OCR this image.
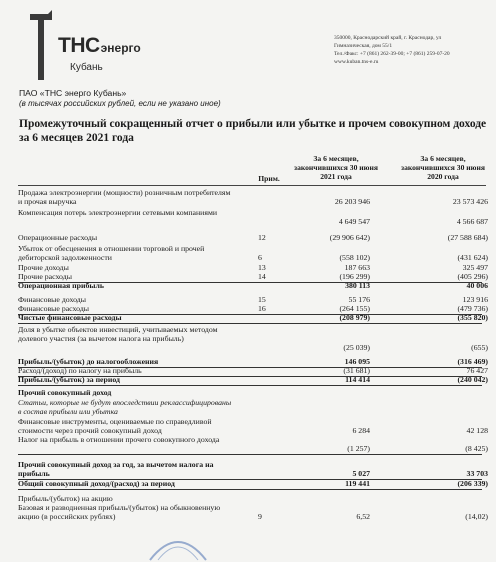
ТНСэнерго
Кубань
350000, Краснодарский край, г. Краснодар, ул
Гимназическая, дом 55/1
Тел./Факс: +7 (861) 262-39-00; +7 (861) 259-07-20
www.kuban.tns-e.ru
ПАО «ТНС энерго Кубань»
(в тысячах российских рублей, если не указано иное)
Промежуточный сокращенный отчет о прибыли или убытке и прочем совокупном доходе за 6 месяцев 2021 года
Прим.
За 6 месяцев, закончившихся 30 июня 2021 года
За 6 месяцев, закончившихся 30 июня 2020 года
Продажа электроэнергии (мощности) розничным потребителям и прочая выручка	26 203 946	23 573 426
Компенсация потерь электроэнергии сетевыми компаниями
4 649 547	4 566 687
Операционные расходы	12	(29 906 642)	(27 588 684)
Убыток от обесценения в отношении торговой и прочей дебиторской задолженности	6	(558 102)	(431 624)
Прочие доходы	13	187 663	325 497
Прочие расходы	14	(196 299)	(405 296)
Операционная прибыль	380 113	40 006
Финансовые доходы	15	55 176	123 916
Финансовые расходы	16	(264 155)	(479 736)
Чистые финансовые расходы	(208 979)	(355 820)
Доля в убытке объектов инвестиций, учитываемых методом долевого участия (за вычетом налога на прибыль)
(25 039)	(655)
Прибыль/(убыток) до налогообложения	146 095	(316 469)
Расход/(доход) по налогу на прибыль	(31 681)	76 427
Прибыль/(убыток) за период	114 414	(240 042)
Прочий совокупный доход
Статьи, которые не будут впоследствии реклассифицированы в состав прибыли или убытка
Финансовые инструменты, оцениваемые по справедливой стоимости через прочий совокупный доход	6 284	42 128
Налог на прибыль в отношении прочего совокупного дохода
(1 257)	(8 425)
Прочий совокупный доход за год, за вычетом налога на прибыль	5 027	33 703
Общий совокупный доход/(расход) за период	119 441	(206 339)
Прибыль/(убыток) на акцию
Базовая и разводненная прибыль/(убыток) на обыкновенную акцию (в российских рублях)	9	6,52	(14,02)
